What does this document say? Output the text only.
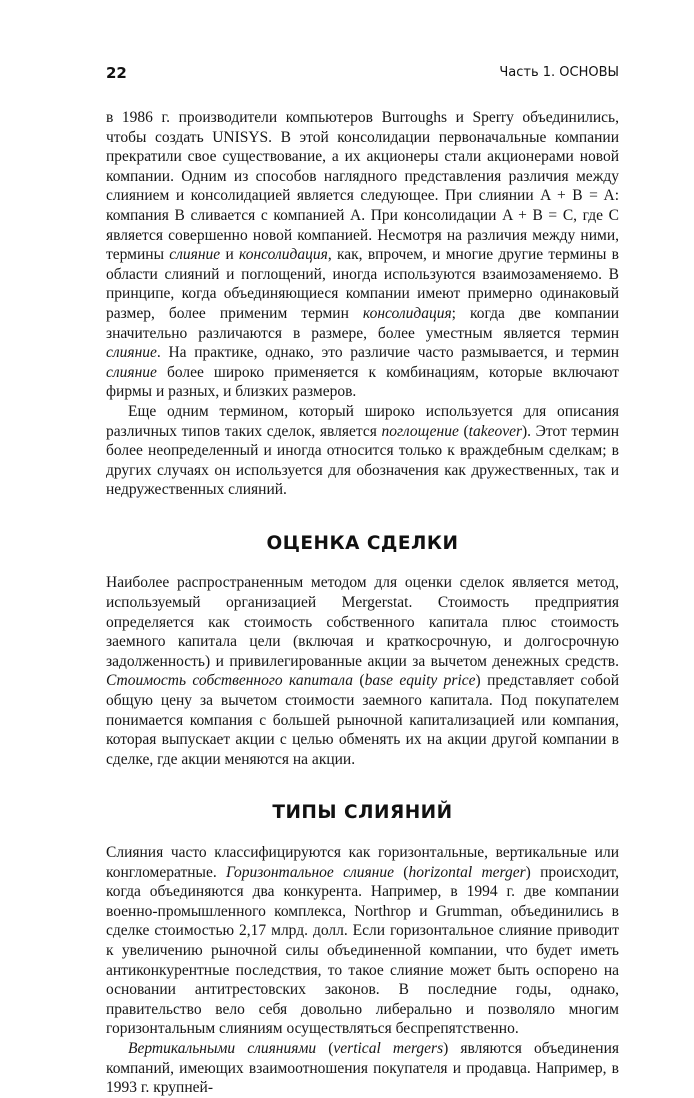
22	Часть 1. ОСНОВЫ

в 1986 г. производители компьютеров Burroughs и Sperry объединились, чтобы создать UNISYS. В этой консолидации первоначальные компании прекратили свое существование, а их акционеры стали акционерами новой компании. Одним из способов наглядного представления различия между слиянием и консолидацией является следующее. При слиянии A + B = A: компания B сливается с компанией A. При консолидации A + B = C, где C является совершенно новой компанией. Несмотря на различия между ними, термины слияние и консолидация, как, впрочем, и многие другие термины в области слияний и поглощений, иногда используются взаимозаменяемо. В принципе, когда объединяющиеся компании имеют примерно одинаковый размер, более применим термин консолидация; когда две компании значительно различаются в размере, более уместным является термин слияние. На практике, однако, это различие часто размывается, и термин слияние более широко применяется к комбинациям, которые включают фирмы и разных, и близких размеров.

Еще одним термином, который широко используется для описания различных типов таких сделок, является поглощение (takeover). Этот термин более неопределенный и иногда относится только к враждебным сделкам; в других случаях он используется для обозначения как дружественных, так и недружественных слияний.

ОЦЕНКА СДЕЛКИ

Наиболее распространенным методом для оценки сделок является метод, используемый организацией Mergerstat. Стоимость предприятия определяется как стоимость собственного капитала плюс стоимость заемного капитала цели (включая и краткосрочную, и долгосрочную задолженность) и привилегированные акции за вычетом денежных средств. Стоимость собственного капитала (base equity price) представляет собой общую цену за вычетом стоимости заемного капитала. Под покупателем понимается компания с большей рыночной капитализацией или компания, которая выпускает акции с целью обменять их на акции другой компании в сделке, где акции меняются на акции.

ТИПЫ СЛИЯНИЙ

Слияния часто классифицируются как горизонтальные, вертикальные или конгломератные. Горизонтальное слияние (horizontal merger) происходит, когда объединяются два конкурента. Например, в 1994 г. две компании военно-промышленного комплекса, Northrop и Grumman, объединились в сделке стоимостью 2,17 млрд. долл. Если горизонтальное слияние приводит к увеличению рыночной силы объединенной компании, что будет иметь антиконкурентные последствия, то такое слияние может быть оспорено на основании антитрестовских законов. В последние годы, однако, правительство вело себя довольно либерально и позволяло многим горизонтальным слияниям осуществляться беспрепятственно.

Вертикальными слияниями (vertical mergers) являются объединения компаний, имеющих взаимоотношения покупателя и продавца. Например, в 1993 г. крупней-
